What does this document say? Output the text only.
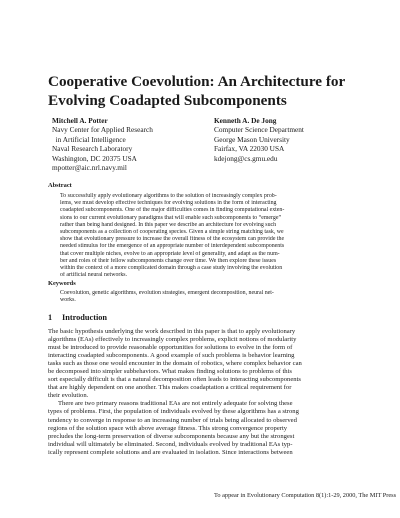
Cooperative Coevolution: An Architecture for
Evolving Coadapted Subcomponents
Mitchell A. Potter
Navy Center for Applied Research
in Artificial Intelligence
Naval Research Laboratory
Washington, DC 20375 USA
mpotter@aic.nrl.navy.mil
Kenneth A. De Jong
Computer Science Department
George Mason University
Fairfax, VA 22030 USA
kdejong@cs.gmu.edu
Abstract
To successfully apply evolutionary algorithms to the solution of increasingly complex prob-
lems, we must develop effective techniques for evolving solutions in the form of interacting
coadapted subcomponents. One of the major difficulties comes in finding computational exten-
sions to our current evolutionary paradigms that will enable such subcomponents to “emerge”
rather than being hand designed. In this paper we describe an architecture for evolving such
subcomponents as a collection of cooperating species. Given a simple string matching task, we
show that evolutionary pressure to increase the overall fitness of the ecosystem can provide the
needed stimulus for the emergence of an appropriate number of interdependent subcomponents
that cover multiple niches, evolve to an appropriate level of generality, and adapt as the num-
ber and roles of their fellow subcomponents change over time. We then explore these issues
within the context of a more complicated domain through a case study involving the evolution
of artificial neural networks.
Keywords
Coevolution, genetic algorithms, evolution strategies, emergent decomposition, neural net-
works.
1 Introduction
The basic hypothesis underlying the work described in this paper is that to apply evolutionary
algorithms (EAs) effectively to increasingly complex problems, explicit notions of modularity
must be introduced to provide reasonable opportunities for solutions to evolve in the form of
interacting coadapted subcomponents. A good example of such problems is behavior learning
tasks such as those one would encounter in the domain of robotics, where complex behavior can
be decomposed into simpler subbehaviors. What makes finding solutions to problems of this
sort especially difficult is that a natural decomposition often leads to interacting subcomponents
that are highly dependent on one another. This makes coadaptation a critical requirement for
their evolution.
There are two primary reasons traditional EAs are not entirely adequate for solving these
types of problems. First, the population of individuals evolved by these algorithms has a strong
tendency to converge in response to an increasing number of trials being allocated to observed
regions of the solution space with above average fitness. This strong convergence property
precludes the long-term preservation of diverse subcomponents because any but the strongest
individual will ultimately be eliminated. Second, individuals evolved by traditional EAs typ-
ically represent complete solutions and are evaluated in isolation. Since interactions between
To appear in Evolutionary Computation 8(1):1-29, 2000, The MIT Press
